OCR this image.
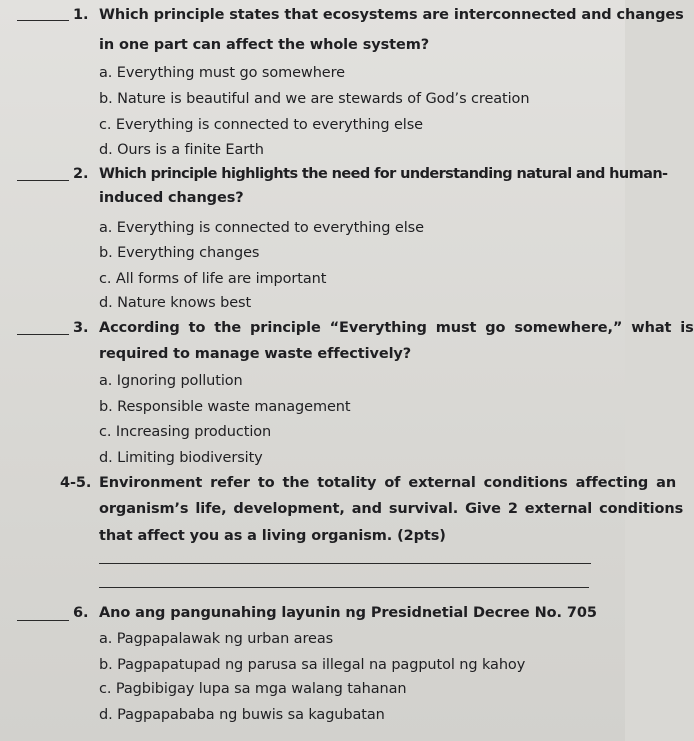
1. Which principle states that ecosystems are interconnected and changes
in one part can affect the whole system?
a. Everything must go somewhere
b. Nature is beautiful and we are stewards of God’s creation
c. Everything is connected to everything else
d. Ours is a finite Earth
2. Which principle highlights the need for understanding natural and human-
induced changes?
a. Everything is connected to everything else
b. Everything changes
c. All forms of life are important
d. Nature knows best
3. According to the principle “Everything must go somewhere,” what is
required to manage waste effectively?
a. Ignoring pollution
b. Responsible waste management
c. Increasing production
d. Limiting biodiversity
4-5. Environment refer to the totality of external conditions affecting an
organism’s life, development, and survival. Give 2 external conditions
that affect you as a living organism. (2pts)
6. Ano ang pangunahing layunin ng Presidnetial Decree No. 705
a. Pagpapalawak ng urban areas
b. Pagpapatupad ng parusa sa illegal na pagputol ng kahoy
c. Pagbibigay lupa sa mga walang tahanan
d. Pagpapababa ng buwis sa kagubatan
